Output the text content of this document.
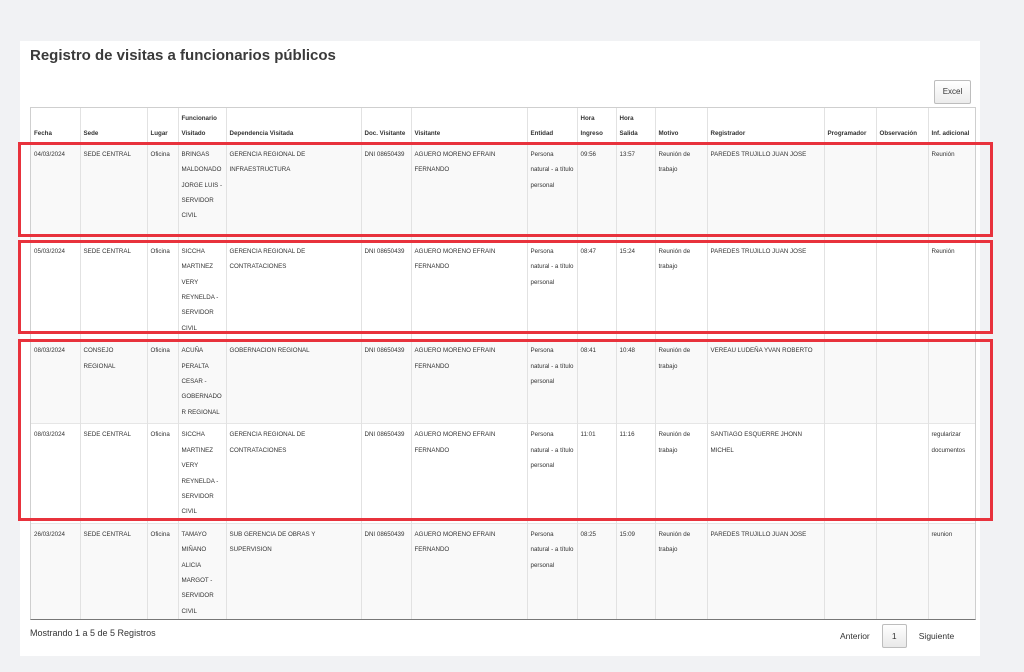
Registro de visitas a funcionarios públicos
Excel
Fecha	Sede	Lugar	Funcionario Visitado	Dependencia Visitada	Doc. Visitante	Visitante	Entidad	Hora Ingreso	Hora Salida	Motivo	Registrador	Programador	Observación	Inf. adicional
04/03/2024	SEDE CENTRAL	Oficina	BRINGAS MALDONADO JORGE LUIS - SERVIDOR CIVIL	GERENCIA REGIONAL DE INFRAESTRUCTURA	DNI 08650439	AGUERO MORENO EFRAIN FERNANDO	Persona natural - a título personal	09:56	13:57	Reunión de trabajo	PAREDES TRUJILLO JUAN JOSE			Reunión
05/03/2024	SEDE CENTRAL	Oficina	SICCHA MARTINEZ VERY REYNELDA - SERVIDOR CIVIL	GERENCIA REGIONAL DE CONTRATACIONES	DNI 08650439	AGUERO MORENO EFRAIN FERNANDO	Persona natural - a título personal	08:47	15:24	Reunión de trabajo	PAREDES TRUJILLO JUAN JOSE			Reunión
08/03/2024	CONSEJO REGIONAL	Oficina	ACUÑA PERALTA CESAR - GOBERNADOR REGIONAL	GOBERNACION REGIONAL	DNI 08650439	AGUERO MORENO EFRAIN FERNANDO	Persona natural - a título personal	08:41	10:48	Reunión de trabajo	VEREAU LUDEÑA YVAN ROBERTO			
08/03/2024	SEDE CENTRAL	Oficina	SICCHA MARTINEZ VERY REYNELDA - SERVIDOR CIVIL	GERENCIA REGIONAL DE CONTRATACIONES	DNI 08650439	AGUERO MORENO EFRAIN FERNANDO	Persona natural - a título personal	11:01	11:16	Reunión de trabajo	SANTIAGO ESQUERRE JHONN MICHEL			regularizar documentos
26/03/2024	SEDE CENTRAL	Oficina	TAMAYO MIÑANO ALICIA MARGOT - SERVIDOR CIVIL	SUB GERENCIA DE OBRAS Y SUPERVISION	DNI 08650439	AGUERO MORENO EFRAIN FERNANDO	Persona natural - a título personal	08:25	15:09	Reunión de trabajo	PAREDES TRUJILLO JUAN JOSE			reunion
Mostrando 1 a 5 de 5 Registros	Anterior	1	Siguiente
